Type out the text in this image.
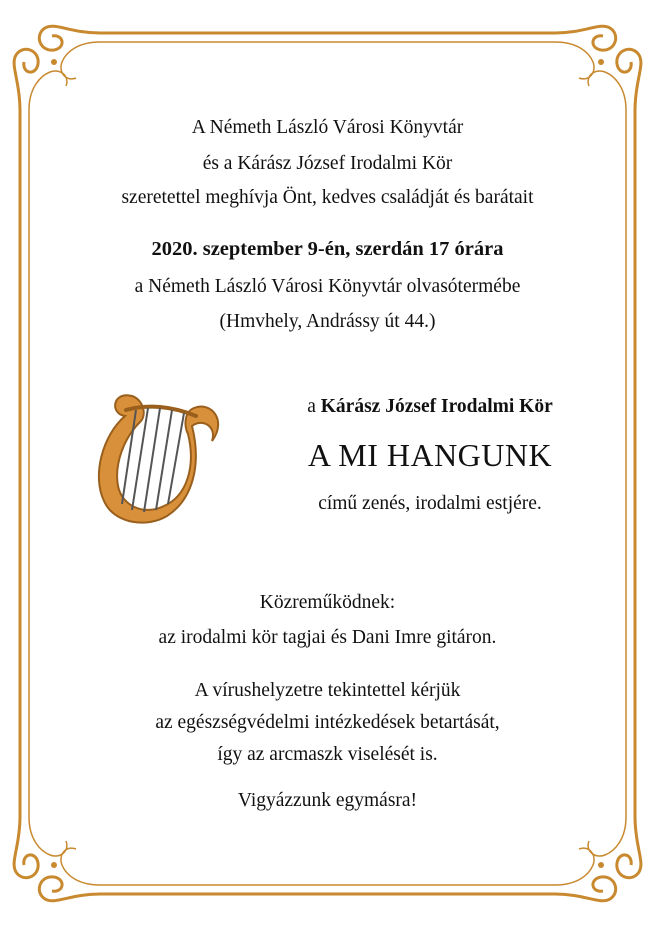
A Németh László Városi Könyvtár
és a Kárász József Irodalmi Kör
szeretettel meghívja Önt, kedves családját és barátait
2020. szeptember 9-én, szerdán 17 órára
a Németh László Városi Könyvtár olvasótermébe
(Hmvhely, Andrássy út 44.)
a Kárász József Irodalmi Kör
A MI HANGUNK
című zenés, irodalmi estjére.
Közreműködnek:
az irodalmi kör tagjai és Dani Imre gitáron.
A vírushelyzetre tekintettel kérjük
az egészségvédelmi intézkedések betartását,
így az arcmaszk viselését is.
Vigyázzunk egymásra!
